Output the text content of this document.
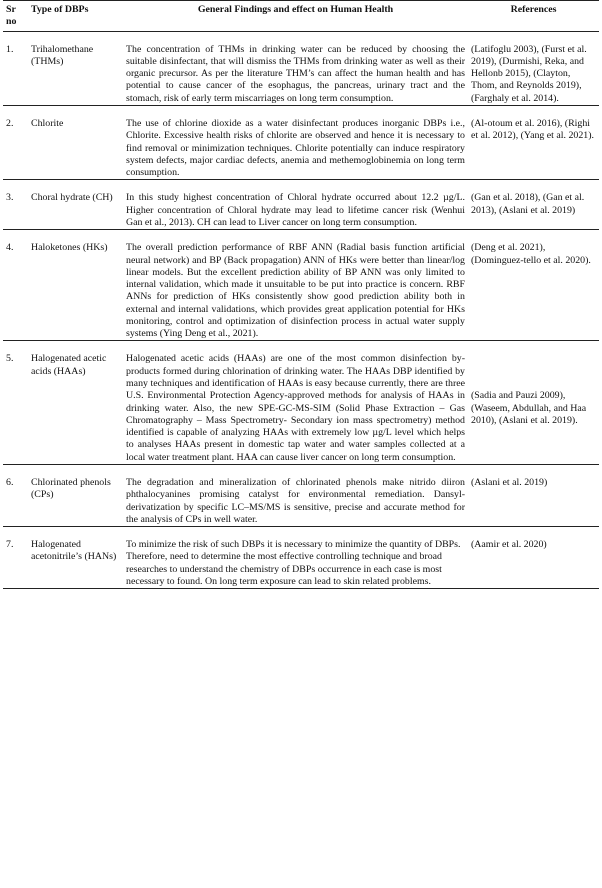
Sr no	Type of DBPs	General Findings and effect on Human Health	References
1.	Trihalomethane (THMs)	The concentration of THMs in drinking water can be reduced by choosing the suitable disinfectant, that will dismiss the THMs from drinking water as well as their organic precursor. As per the literature THM’s can affect the human health and has potential to cause cancer of the esophagus, the pancreas, urinary tract and the stomach, risk of early term miscarriages on long term consumption.	(Latifoglu 2003), (Furst et al. 2019), (Durmishi, Reka, and Hellonb 2015), (Clayton, Thom, and Reynolds 2019), (Farghaly et al. 2014).
2.	Chlorite	The use of chlorine dioxide as a water disinfectant produces inorganic DBPs i.e., Chlorite. Excessive health risks of chlorite are observed and hence it is necessary to find removal or minimization techniques. Chlorite potentially can induce respiratory system defects, major cardiac defects, anemia and methemoglobinemia on long term consumption.	(Al-otoum et al. 2016), (Righi et al. 2012), (Yang et al. 2021).
3.	Choral hydrate (CH)	In this study highest concentration of Chloral hydrate occurred about 12.2 µg/L. Higher concentration of Chloral hydrate may lead to lifetime cancer risk (Wenhui Gan et al., 2013). CH can lead to Liver cancer on long term consumption.	(Gan et al. 2018), (Gan et al. 2013), (Aslani et al. 2019)
4.	Haloketones (HKs)	The overall prediction performance of RBF ANN (Radial basis function artificial neural network) and BP (Back propagation) ANN of HKs were better than linear/log linear models. But the excellent prediction ability of BP ANN was only limited to internal validation, which made it unsuitable to be put into practice is concern. RBF ANNs for prediction of HKs consistently show good prediction ability both in external and internal validations, which provides great application potential for HKs monitoring, control and optimization of disinfection process in actual water supply systems (Ying Deng et al., 2021).	(Deng et al. 2021), (Dominguez-tello et al. 2020).
5.	Halogenated acetic acids (HAAs)	Halogenated acetic acids (HAAs) are one of the most common disinfection by-products formed during chlorination of drinking water. The HAAs DBP identified by many techniques and identification of HAAs is easy because currently, there are three U.S. Environmental Protection Agency-approved methods for analysis of HAAs in drinking water. Also, the new SPE-GC-MS-SIM (Solid Phase Extraction – Gas Chromatography – Mass Spectrometry- Secondary ion mass spectrometry) method identified is capable of analyzing HAAs with extremely low µg/L level which helps to analyses HAAs present in domestic tap water and water samples collected at a local water treatment plant. HAA can cause liver cancer on long term consumption.	(Sadia and Pauzi 2009), (Waseem, Abdullah, and Haa 2010), (Aslani et al. 2019).
6.	Chlorinated phenols (CPs)	The degradation and mineralization of chlorinated phenols make nitrido diiron phthalocyanines promising catalyst for environmental remediation. Dansyl-derivatization by specific LC–MS/MS is sensitive, precise and accurate method for the analysis of CPs in well water.	(Aslani et al. 2019)
7.	Halogenated acetonitrile’s (HANs)	To minimize the risk of such DBPs it is necessary to minimize the quantity of DBPs. Therefore, need to determine the most effective controlling technique and broad researches to understand the chemistry of DBPs occurrence in each case is most necessary to found. On long term exposure can lead to skin related problems.	(Aamir et al. 2020)
